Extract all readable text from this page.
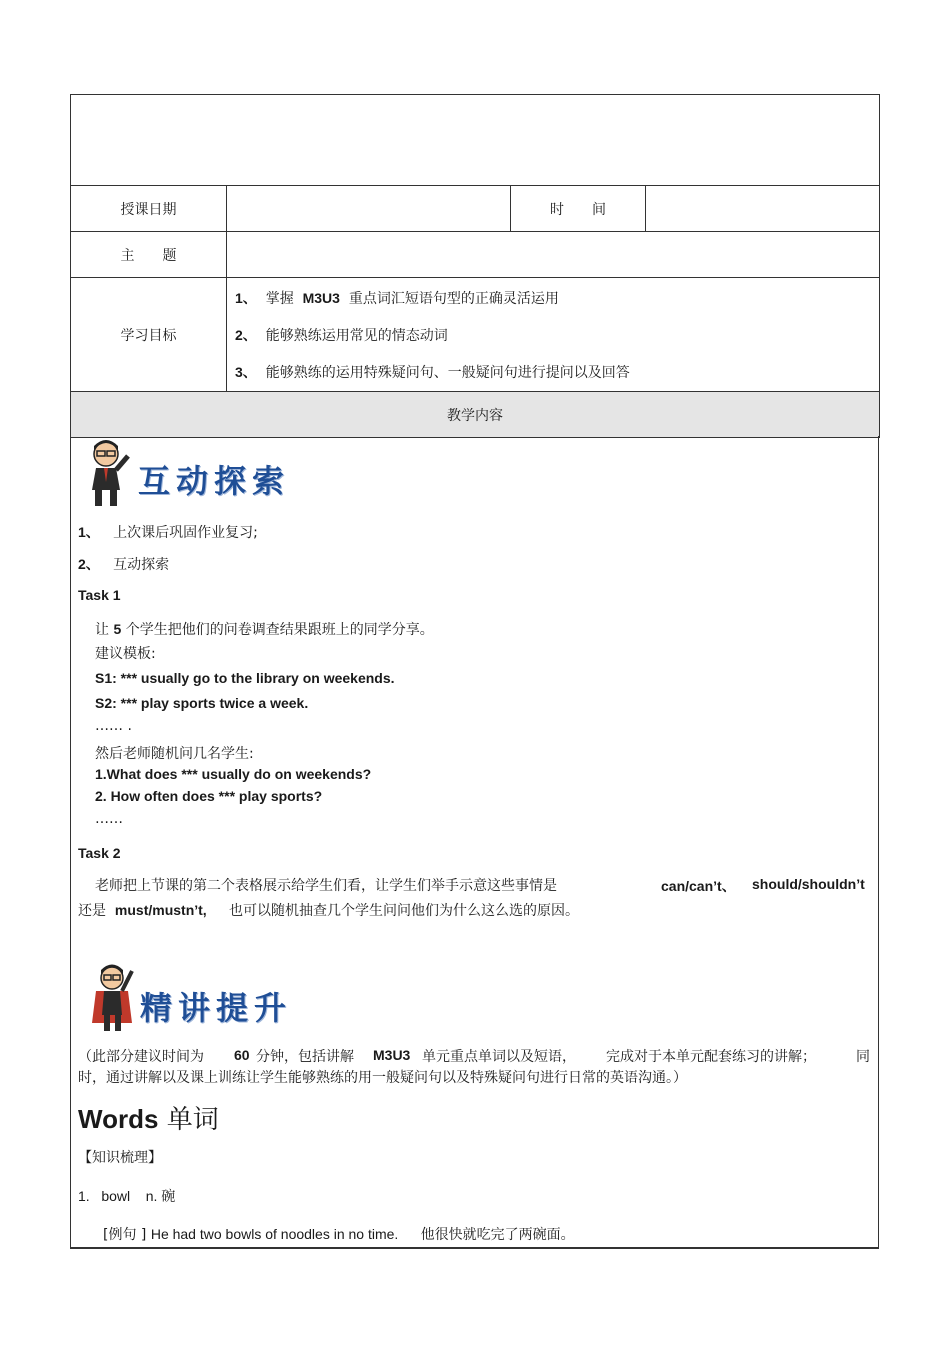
授课日期		时　　间	
主　　题			
学习目标	1、 掌握 M3U3 重点词汇短语句型的正确灵活运用
2、 能够熟练运用常见的情态动词
3、 能够熟练的运用特殊疑问句、一般疑问句进行提问以及回答		

教学内容			
互动探索
1、 上次课后巩固作业复习;
2、 互动探索
Task 1
让 5 个学生把他们的问卷调查结果跟班上的同学分享。
建议模板:
S1: *** usually go to the library on weekends.
S2: *** play sports twice a week.
…… .
然后老师随机问几名学生:
1.What does *** usually do on weekends?
2. How often does *** play sports?
……
Task 2
老师把上节课的第二个表格展示给学生们看，让学生们举手示意这些事情是	can/can’t、 should/shouldn’t
还是 must/mustn’t, 也可以随机抽查几个学生问问他们为什么这么选的原因。
精讲提升
（此部分建议时间为 60 分钟，包括讲解 M3U3 单元重点单词以及短语， 完成对于本单元配套练习的讲解；	同
时，通过讲解以及课上训练让学生能够熟练的用一般疑问句以及特殊疑问句进行日常的英语沟通。）
Words 单词
【知识梳理】
1. bowl n. 碗
[例句 ] He had two bowls of noodles in no time. 他很快就吃完了两碗面。
